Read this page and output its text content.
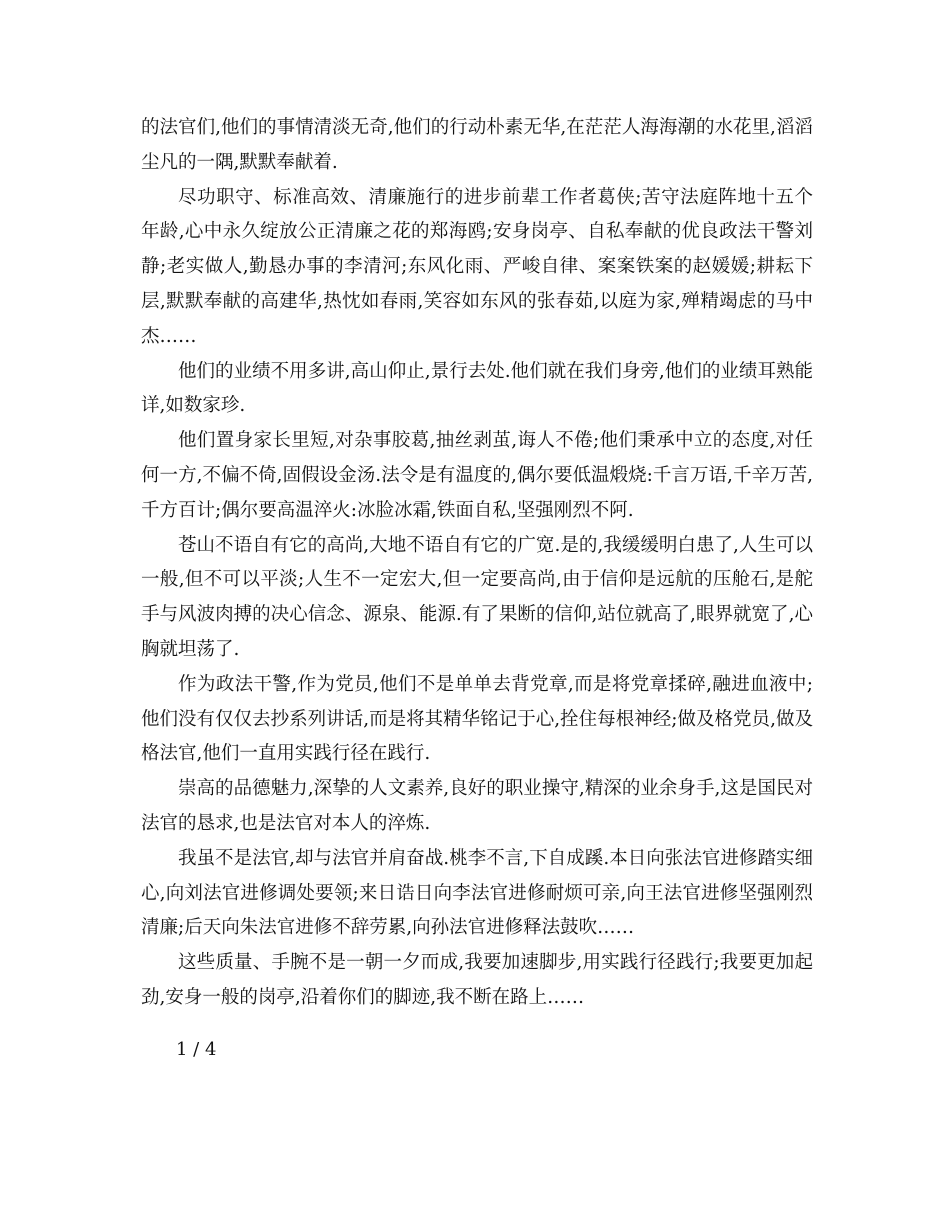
的法官们,他们的事情清淡无奇,他们的行动朴素无华,在茫茫人海海潮的水花里,滔滔尘凡的一隅,默默奉献着.

尽功职守、标准高效、清廉施行的进步前辈工作者葛侠;苦守法庭阵地十五个年龄,心中永久绽放公正清廉之花的郑海鸥;安身岗亭、自私奉献的优良政法干警刘静;老实做人,勤恳办事的李清河;东风化雨、严峻自律、案案铁案的赵媛媛;耕耘下层,默默奉献的高建华,热忱如春雨,笑容如东风的张春茹,以庭为家,殚精竭虑的马中杰……

他们的业绩不用多讲,高山仰止,景行去处.他们就在我们身旁,他们的业绩耳熟能详,如数家珍.

他们置身家长里短,对杂事胶葛,抽丝剥茧,诲人不倦;他们秉承中立的态度,对任何一方,不偏不倚,固假设金汤.法令是有温度的,偶尔要低温煅烧:千言万语,千辛万苦,千方百计;偶尔要高温淬火:冰脸冰霜,铁面自私,坚强刚烈不阿.

苍山不语自有它的高尚,大地不语自有它的广宽.是的,我缓缓明白患了,人生可以一般,但不可以平淡;人生不一定宏大,但一定要高尚,由于信仰是远航的压舱石,是舵手与风波肉搏的决心信念、源泉、能源.有了果断的信仰,站位就高了,眼界就宽了,心胸就坦荡了.

作为政法干警,作为党员,他们不是单单去背党章,而是将党章揉碎,融进血液中;他们没有仅仅去抄系列讲话,而是将其精华铭记于心,拴住每根神经;做及格党员,做及格法官,他们一直用实践行径在践行.

崇高的品德魅力,深挚的人文素养,良好的职业操守,精深的业余身手,这是国民对法官的恳求,也是法官对本人的淬炼.

我虽不是法官,却与法官并肩奋战.桃李不言,下自成蹊.本日向张法官进修踏实细心,向刘法官进修调处要领;来日诰日向李法官进修耐烦可亲,向王法官进修坚强刚烈清廉;后天向朱法官进修不辞劳累,向孙法官进修释法鼓吹……

这些质量、手腕不是一朝一夕而成,我要加速脚步,用实践行径践行;我要更加起劲,安身一般的岗亭,沿着你们的脚迹,我不断在路上……

1 / 4
